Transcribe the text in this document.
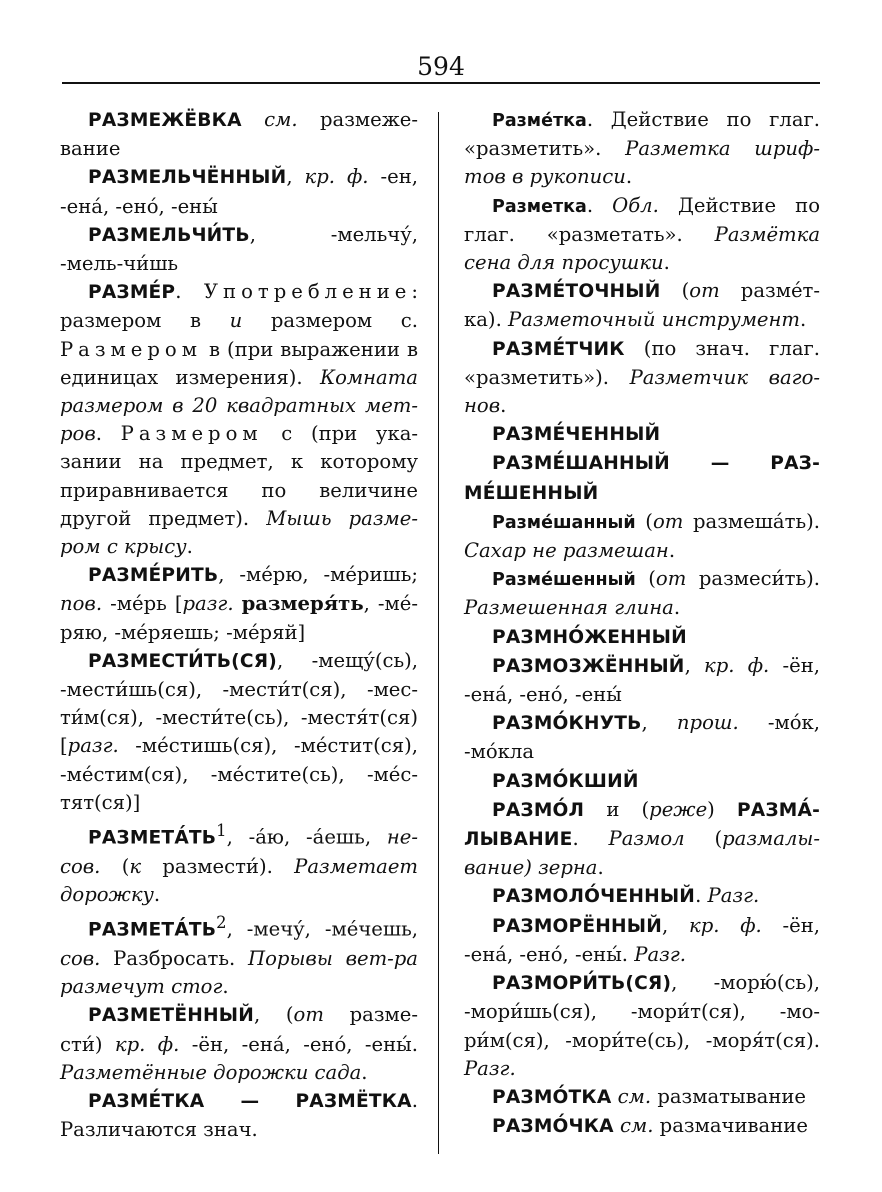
594

РАЗМЕЖЁВКА см. размеже-вание

РАЗМЕЛЬЧЁННЫЙ, кр. ф. -ен, -ена́, -ено́, -ены́

РАЗМЕЛЬЧИ́ТЬ, -мельчу́, -мель-чи́шь

РАЗМЕ́Р. Употребление: размером в и размером с. Размером в (при выражении в единицах измерения). Комната размером в 20 квадратных мет-ров. Размером с (при ука-зании на предмет, к которому приравнивается по величине другой предмет). Мышь разме-ром с крысу.

РАЗМЕ́РИТЬ, -ме́рю, -ме́ришь; пов. -ме́рь [разг. размеря́ть, -ме́-ряю, -ме́ряешь; -ме́ряй]

РАЗМЕСТИ́ТЬ(СЯ), -мещу́(сь), -мести́шь(ся), -мести́т(ся), -мес-ти́м(ся), -мести́те(сь), -местя́т(ся) [разг. -ме́стишь(ся), -ме́стит(ся), -ме́стим(ся), -ме́стите(сь), -ме́с-тят(ся)]

$РАЗМЕТА́ТЬ^1$, -а́ю, -а́ешь, не-сов. (к размести́). Разметает дорожку.

$РАЗМЕТА́ТЬ^2$, -мечу́, -ме́чешь, сов. Разбросать. Порывы вет-ра размечут стог.

РАЗМЕТЁННЫЙ, (от разме-сти́) кр. ф. -ён, -ена́, -ено́, -ены́. Разметённые дорожки сада.

РАЗМЕ́ТКА — РАЗМЁТКА. Различаются знач.

Разме́тка. Действие по глаг. «разметить». Разметка шриф-тов в рукописи.

Разметка. Обл. Действие по глаг. «разметать». Размётка сена для просушки.

РАЗМЕ́ТОЧНЫЙ (от размéт-ка). Разметочный инструмент.

РАЗМЕ́ТЧИК (по знач. глаг. «разметить»). Разметчик ваго-нов.

РАЗМЕ́ЧЕННЫЙ

РАЗМЕ́ШАННЫЙ — РАЗ-МЕ́ШЕННЫЙ

Разме́шанный (от размеша́ть). Сахар не размешан.

Разме́шенный (от размеси́ть). Размешенная глина.

РАЗМНО́ЖЕННЫЙ

РАЗМОЗЖЁННЫЙ, кр. ф. -ён, -ена́, -ено́, -ены́

РАЗМО́КНУТЬ, прош. -мо́к, -мо́кла

РАЗМО́КШИЙ

РАЗМО́Л и (реже) РАЗМА́-ЛЫВАНИЕ. Размол (размалы-вание) зерна.

РАЗМОЛО́ЧЕННЫЙ. Разг.

РАЗМОРЁННЫЙ, кр. ф. -ён, -ена́, -ено́, -ены́. Разг.

РАЗМОРИ́ТЬ(СЯ), -морю́(сь), -мори́шь(ся), -мори́т(ся), -мо-ри́м(ся), -мори́те(сь), -моря́т(ся). Разг.

РАЗМО́ТКА см. разматывание

РАЗМО́ЧКА см. размачивание
